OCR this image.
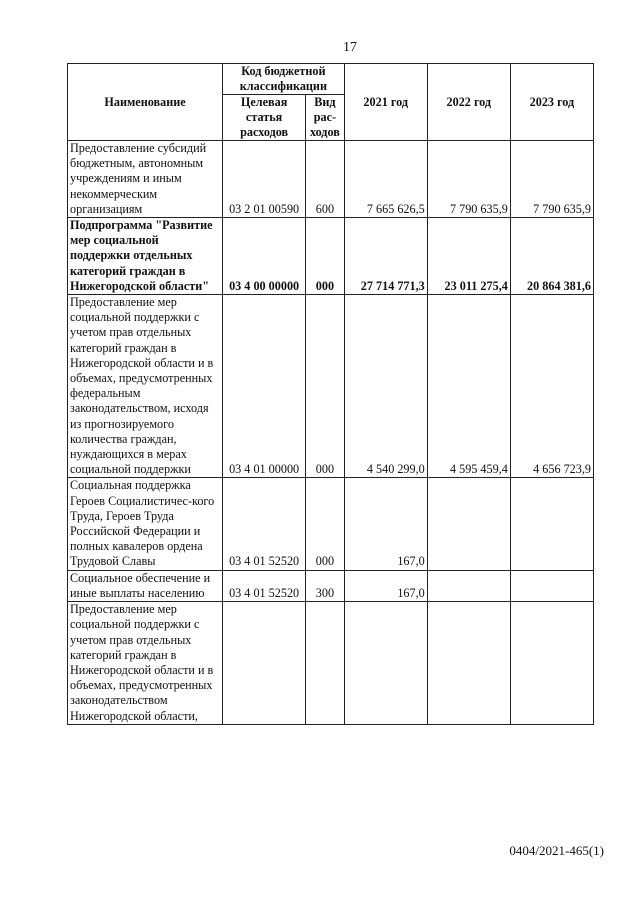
17
Наименование	Код бюджетной классификации		2021 год	2022 год	2023 год
	Целевая статья расходов	Вид рас-ходов			
Предоставление субсидий бюджетным, автономным учреждениям и иным некоммерческим организациям	03 2 01 00590	600	7 665 626,5	7 790 635,9	7 790 635,9
Подпрограмма "Развитие мер социальной поддержки отдельных категорий граждан в Нижегородской области"	03 4 00 00000	000	27 714 771,3	23 011 275,4	20 864 381,6
Предоставление мер социальной поддержки с учетом прав отдельных категорий граждан в Нижегородской области и в объемах, предусмотренных федеральным законодательством, исходя из прогнозируемого количества граждан, нуждающихся в мерах социальной поддержки	03 4 01 00000	000	4 540 299,0	4 595 459,4	4 656 723,9
Социальная поддержка Героев Социалистичес-кого Труда, Героев Труда Российской Федерации и полных кавалеров ордена Трудовой Славы	03 4 01 52520	000	167,0		
Социальное обеспечение и иные выплаты населению	03 4 01 52520	300	167,0		
Предоставление мер социальной поддержки с учетом прав отдельных категорий граждан в Нижегородской области и в объемах, предусмотренных законодательством Нижегородской области,					
0404/2021-465(1)
